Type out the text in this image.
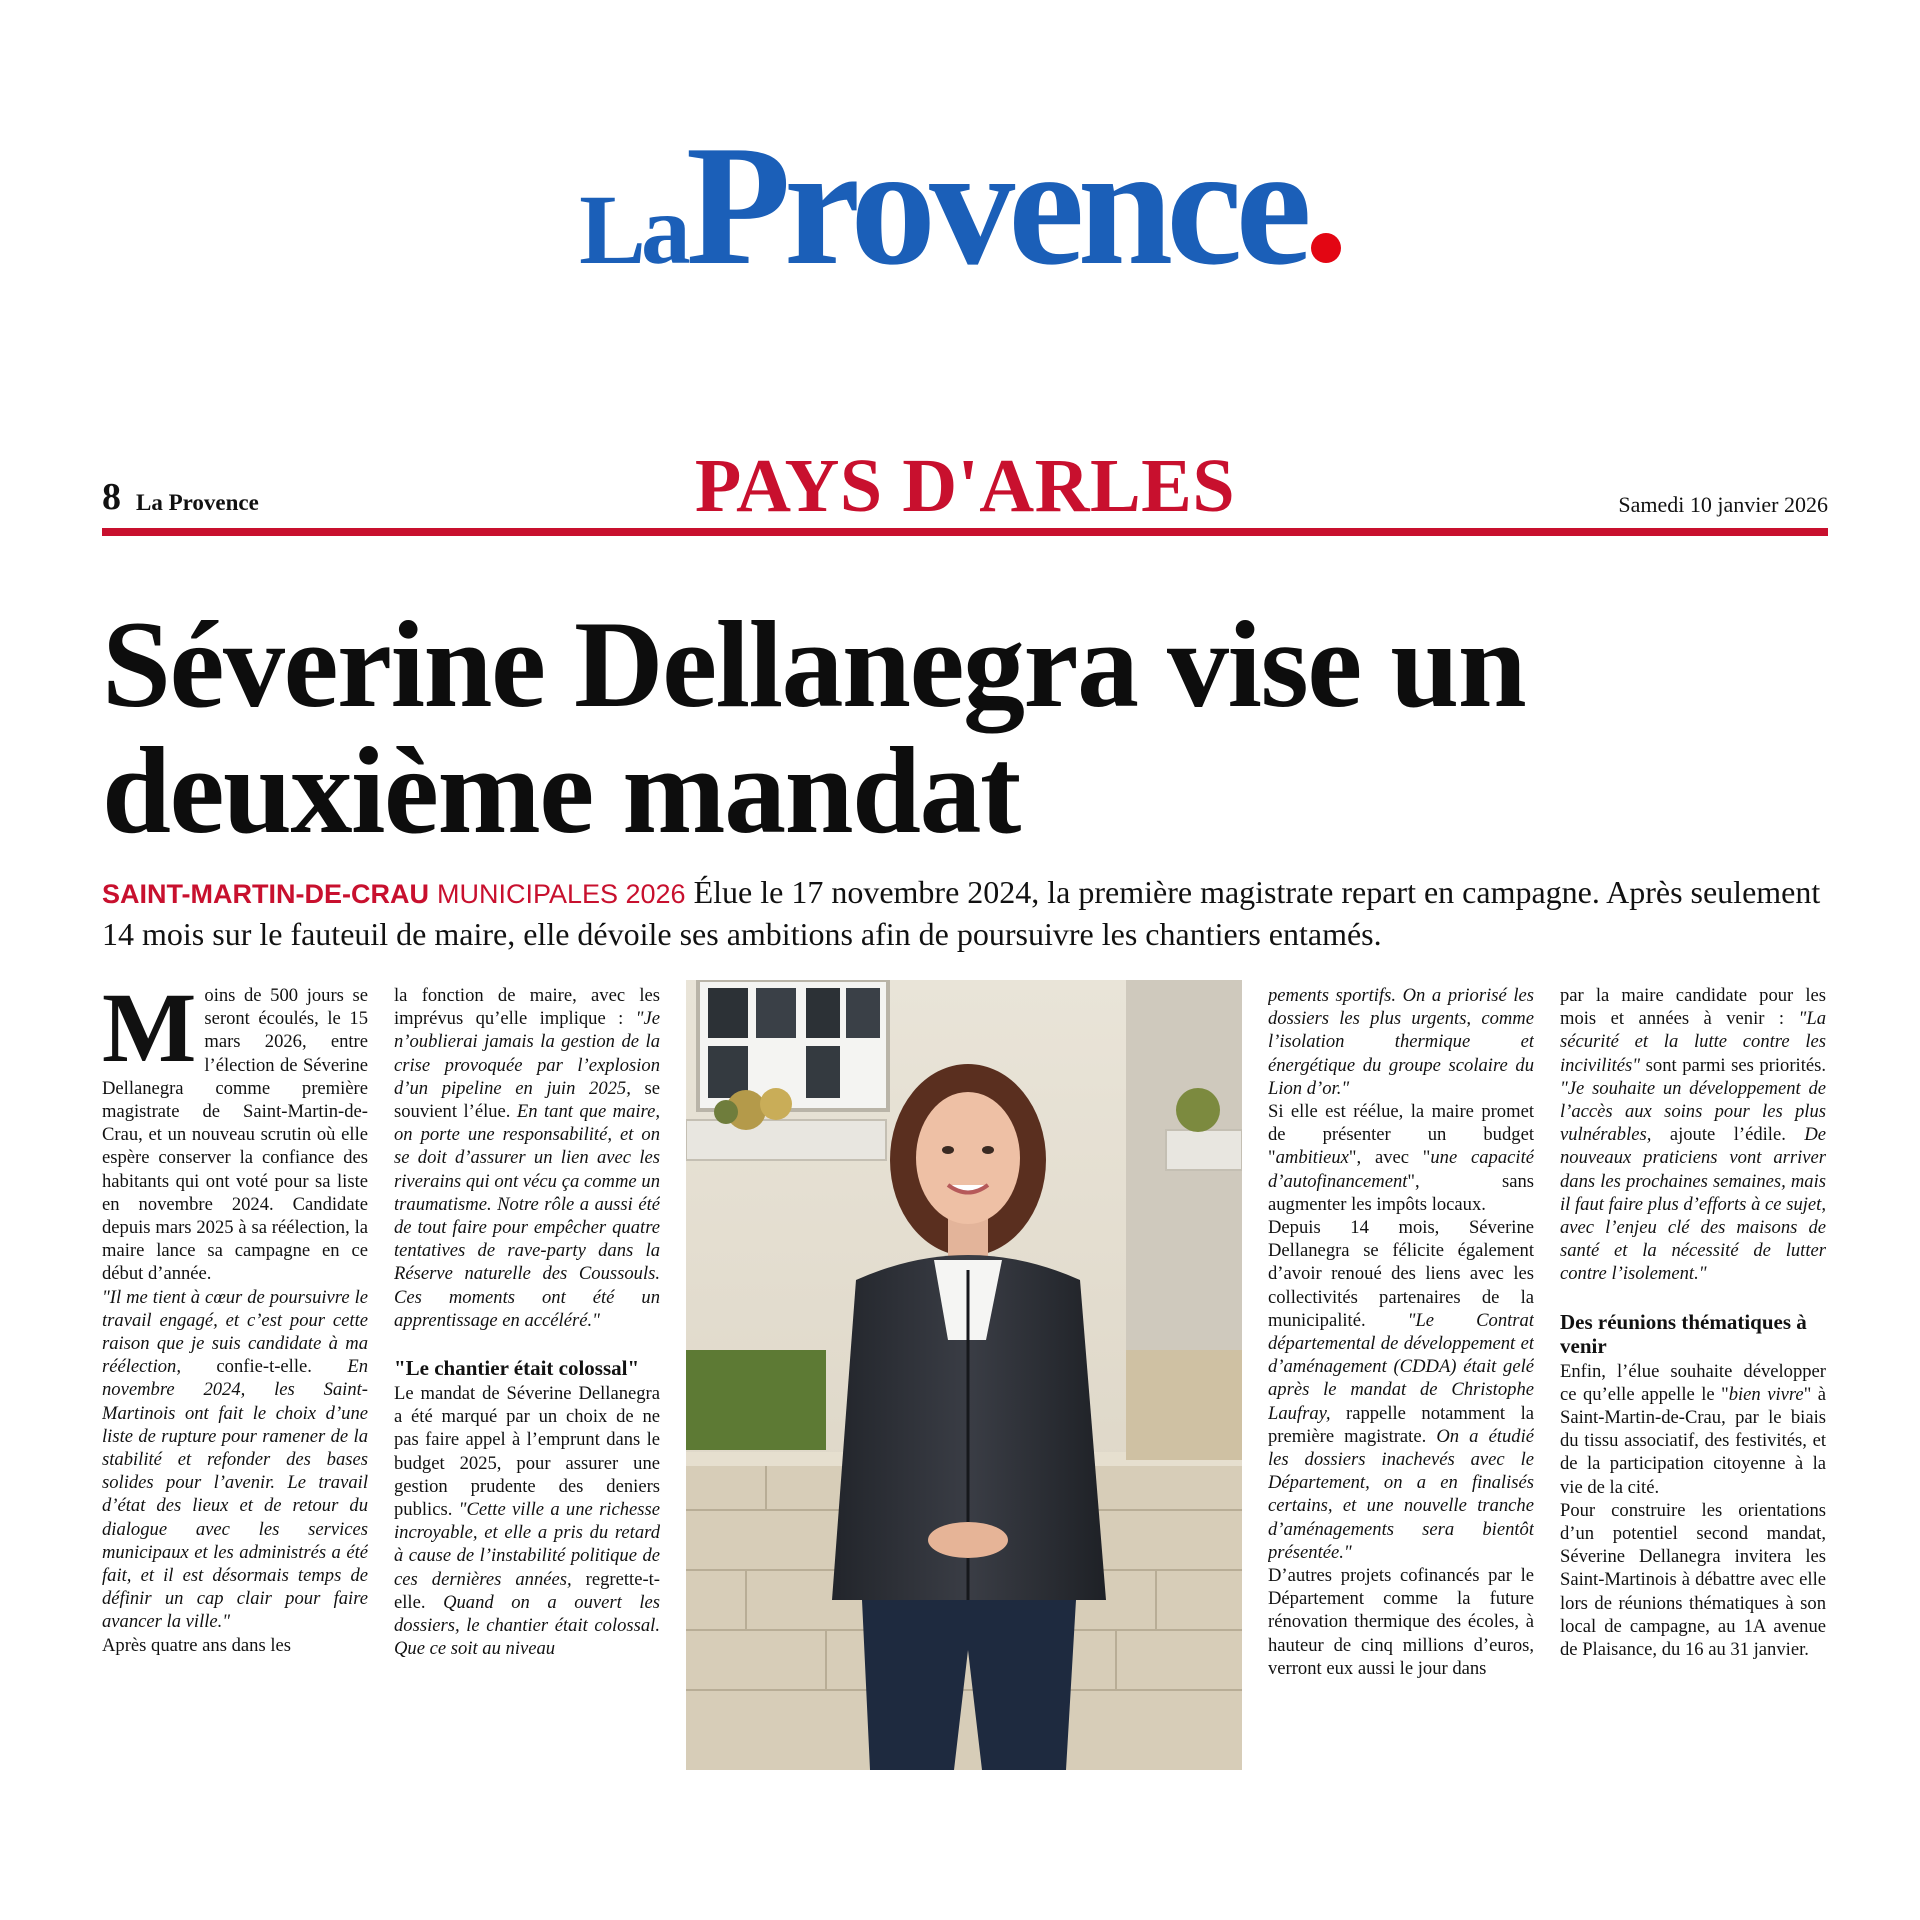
LaProvence
8 La Provence	PAYS D'ARLES	Samedi 10 janvier 2026
Séverine Dellanegra vise un deuxième mandat
SAINT-MARTIN-DE-CRAU MUNICIPALES 2026 Élue le 17 novembre 2024, la première magistrate repart en campagne. Après seulement 14 mois sur le fauteuil de maire, elle dévoile ses ambitions afin de poursuivre les chantiers entamés.

Moins de 500 jours se seront écoulés, le 15 mars 2026, entre l’élection de Séverine Dellanegra comme première magistrate de Saint-Martin-de-Crau, et un nouveau scrutin où elle espère conserver la confiance des habitants qui ont voté pour sa liste en novembre 2024. Candidate depuis mars 2025 à sa réélection, la maire lance sa campagne en ce début d’année.

"Il me tient à cœur de poursuivre le travail engagé, et c’est pour cette raison que je suis candidate à ma réélection, confie-t-elle. En novembre 2024, les Saint-Martinois ont fait le choix d’une liste de rupture pour ramener de la stabilité et refonder des bases solides pour l’avenir. Le travail d’état des lieux et de retour du dialogue avec les services municipaux et les administrés a été fait, et il est désormais temps de définir un cap clair pour faire avancer la ville."

Après quatre ans dans les

la fonction de maire, avec les imprévus qu’elle implique : "Je n’oublierai jamais la gestion de la crise provoquée par l’explosion d’un pipeline en juin 2025, se souvient l’élue. En tant que maire, on porte une responsabilité, et on se doit d’assurer un lien avec les riverains qui ont vécu ça comme un traumatisme. Notre rôle a aussi été de tout faire pour empêcher quatre tentatives de rave-party dans la Réserve naturelle des Coussouls. Ces moments ont été un apprentissage en accéléré."

"Le chantier était colossal"

Le mandat de Séverine Dellanegra a été marqué par un choix de ne pas faire appel à l’emprunt dans le budget 2025, pour assurer une gestion prudente des deniers publics. "Cette ville a une richesse incroyable, et elle a pris du retard à cause de l’instabilité politique de ces dernières années, regrette-t-elle. Quand on a ouvert les dossiers, le chantier était colossal. Que ce soit au niveau

pements sportifs. On a priorisé les dossiers les plus urgents, comme l’isolation thermique et énergétique du groupe scolaire du Lion d’or."

Si elle est réélue, la maire promet de présenter un budget "ambitieux", avec "une capacité d’autofinancement", sans augmenter les impôts locaux.

Depuis 14 mois, Séverine Dellanegra se félicite également d’avoir renoué des liens avec les collectivités partenaires de la municipalité. "Le Contrat départemental de développement et d’aménagement (CDDA) était gelé après le mandat de Christophe Laufray, rappelle notamment la première magistrate. On a étudié les dossiers inachevés avec le Département, on a en finalisés certains, et une nouvelle tranche d’aménagements sera bientôt présentée."

D’autres projets cofinancés par le Département comme la future rénovation thermique des écoles, à hauteur de cinq millions d’euros, verront eux aussi le jour dans

par la maire candidate pour les mois et années à venir : "La sécurité et la lutte contre les incivilités" sont parmi ses priorités. "Je souhaite un développement de l’accès aux soins pour les plus vulnérables, ajoute l’édile. De nouveaux praticiens vont arriver dans les prochaines semaines, mais il faut faire plus d’efforts à ce sujet, avec l’enjeu clé des maisons de santé et la nécessité de lutter contre l’isolement."

Des réunions thématiques à venir

Enfin, l’élue souhaite développer ce qu’elle appelle le "bien vivre" à Saint-Martin-de-Crau, par le biais du tissu associatif, des festivités, et de la participation citoyenne à la vie de la cité.

Pour construire les orientations d’un potentiel second mandat, Séverine Dellanegra invitera les Saint-Martinois à débattre avec elle lors de réunions thématiques à son local de campagne, au 1A avenue de Plaisance, du 16 au 31 janvier.
